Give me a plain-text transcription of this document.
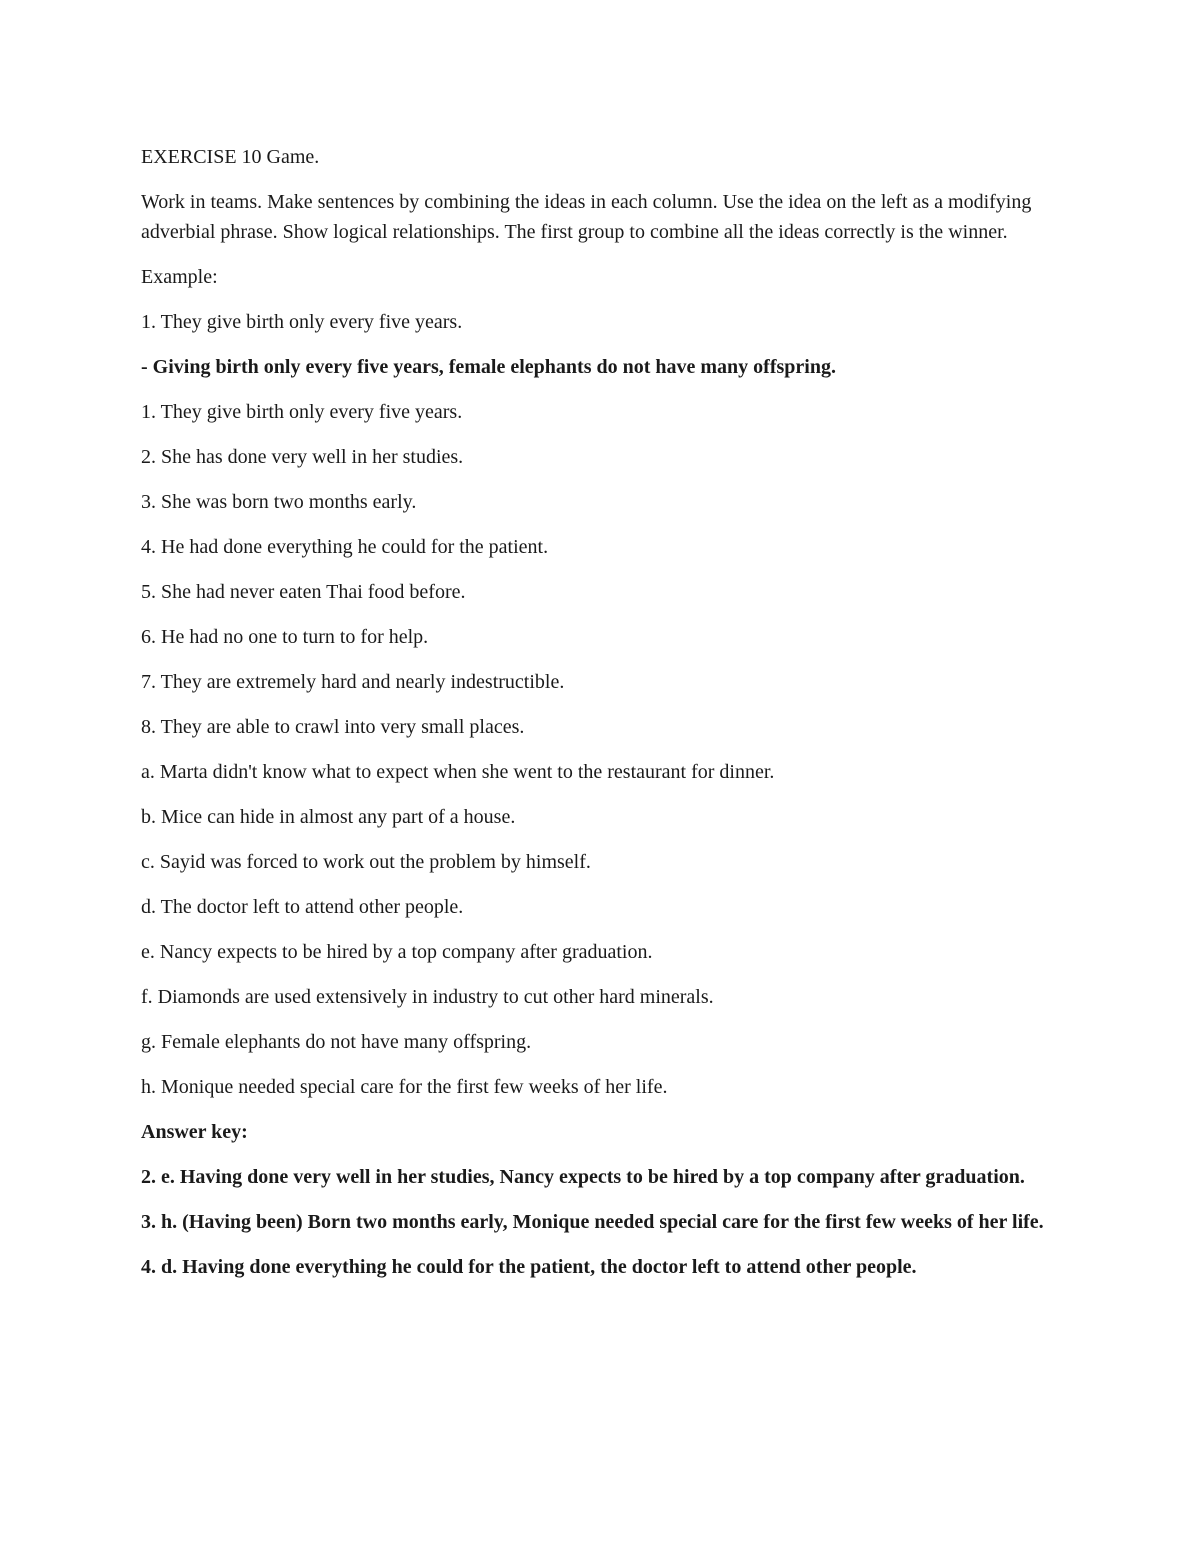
EXERCISE 10 Game.

Work in teams. Make sentences by combining the ideas in each column. Use the idea on the left as a modifying adverbial phrase. Show logical relationships. The first group to combine all the ideas correctly is the winner.

Example:

1. They give birth only every five years.

- Giving birth only every five years, female elephants do not have many offspring.

1. They give birth only every five years.

2. She has done very well in her studies.

3. She was born two months early.

4. He had done everything he could for the patient.

5. She had never eaten Thai food before.

6. He had no one to turn to for help.

7. They are extremely hard and nearly indestructible.

8. They are able to crawl into very small places.

a. Marta didn't know what to expect when she went to the restaurant for dinner.

b. Mice can hide in almost any part of a house.

c. Sayid was forced to work out the problem by himself.

d. The doctor left to attend other people.

e. Nancy expects to be hired by a top company after graduation.

f. Diamonds are used extensively in industry to cut other hard minerals.

g. Female elephants do not have many offspring.

h. Monique needed special care for the first few weeks of her life.

Answer key:

2. e. Having done very well in her studies, Nancy expects to be hired by a top company after graduation.

3. h. (Having been) Born two months early, Monique needed special care for the first few weeks of her life.

4. d. Having done everything he could for the patient, the doctor left to attend other people.
